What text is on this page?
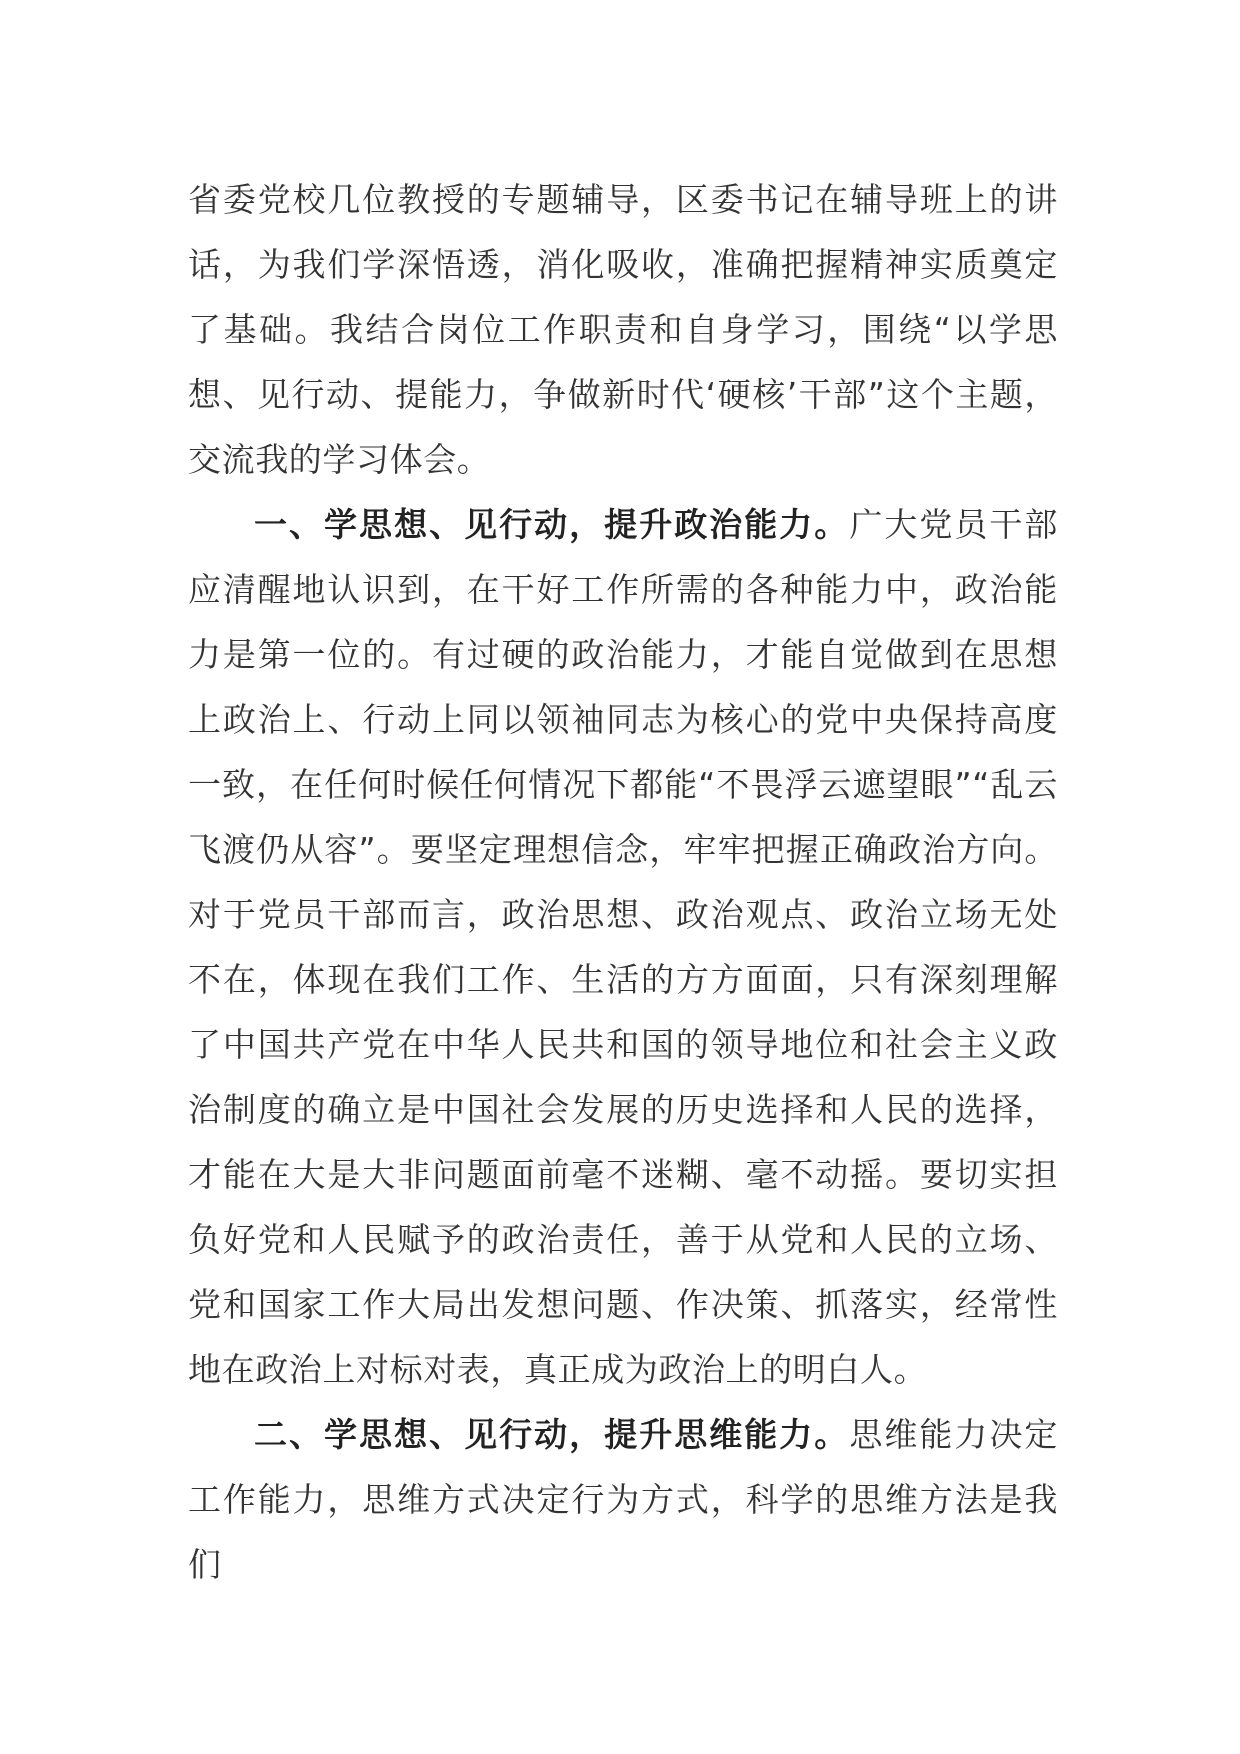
省委党校几位教授的专题辅导，区委书记在辅导班上的讲话，为我们学深悟透，消化吸收，准确把握精神实质奠定了基础。我结合岗位工作职责和自身学习，围绕“以学思想、见行动、提能力，争做新时代‘硬核’干部”这个主题，交流我的学习体会。

一、学思想、见行动，提升政治能力。广大党员干部应清醒地认识到，在干好工作所需的各种能力中，政治能力是第一位的。有过硬的政治能力，才能自觉做到在思想上政治上、行动上同以领袖同志为核心的党中央保持高度一致，在任何时候任何情况下都能“不畏浮云遮望眼”“乱云飞渡仍从容”。要坚定理想信念，牢牢把握正确政治方向。对于党员干部而言，政治思想、政治观点、政治立场无处不在，体现在我们工作、生活的方方面面，只有深刻理解了中国共产党在中华人民共和国的领导地位和社会主义政治制度的确立是中国社会发展的历史选择和人民的选择，才能在大是大非问题面前毫不迷糊、毫不动摇。要切实担负好党和人民赋予的政治责任，善于从党和人民的立场、党和国家工作大局出发想问题、作决策、抓落实，经常性地在政治上对标对表，真正成为政治上的明白人。

二、学思想、见行动，提升思维能力。思维能力决定工作能力，思维方式决定行为方式，科学的思维方法是我们
